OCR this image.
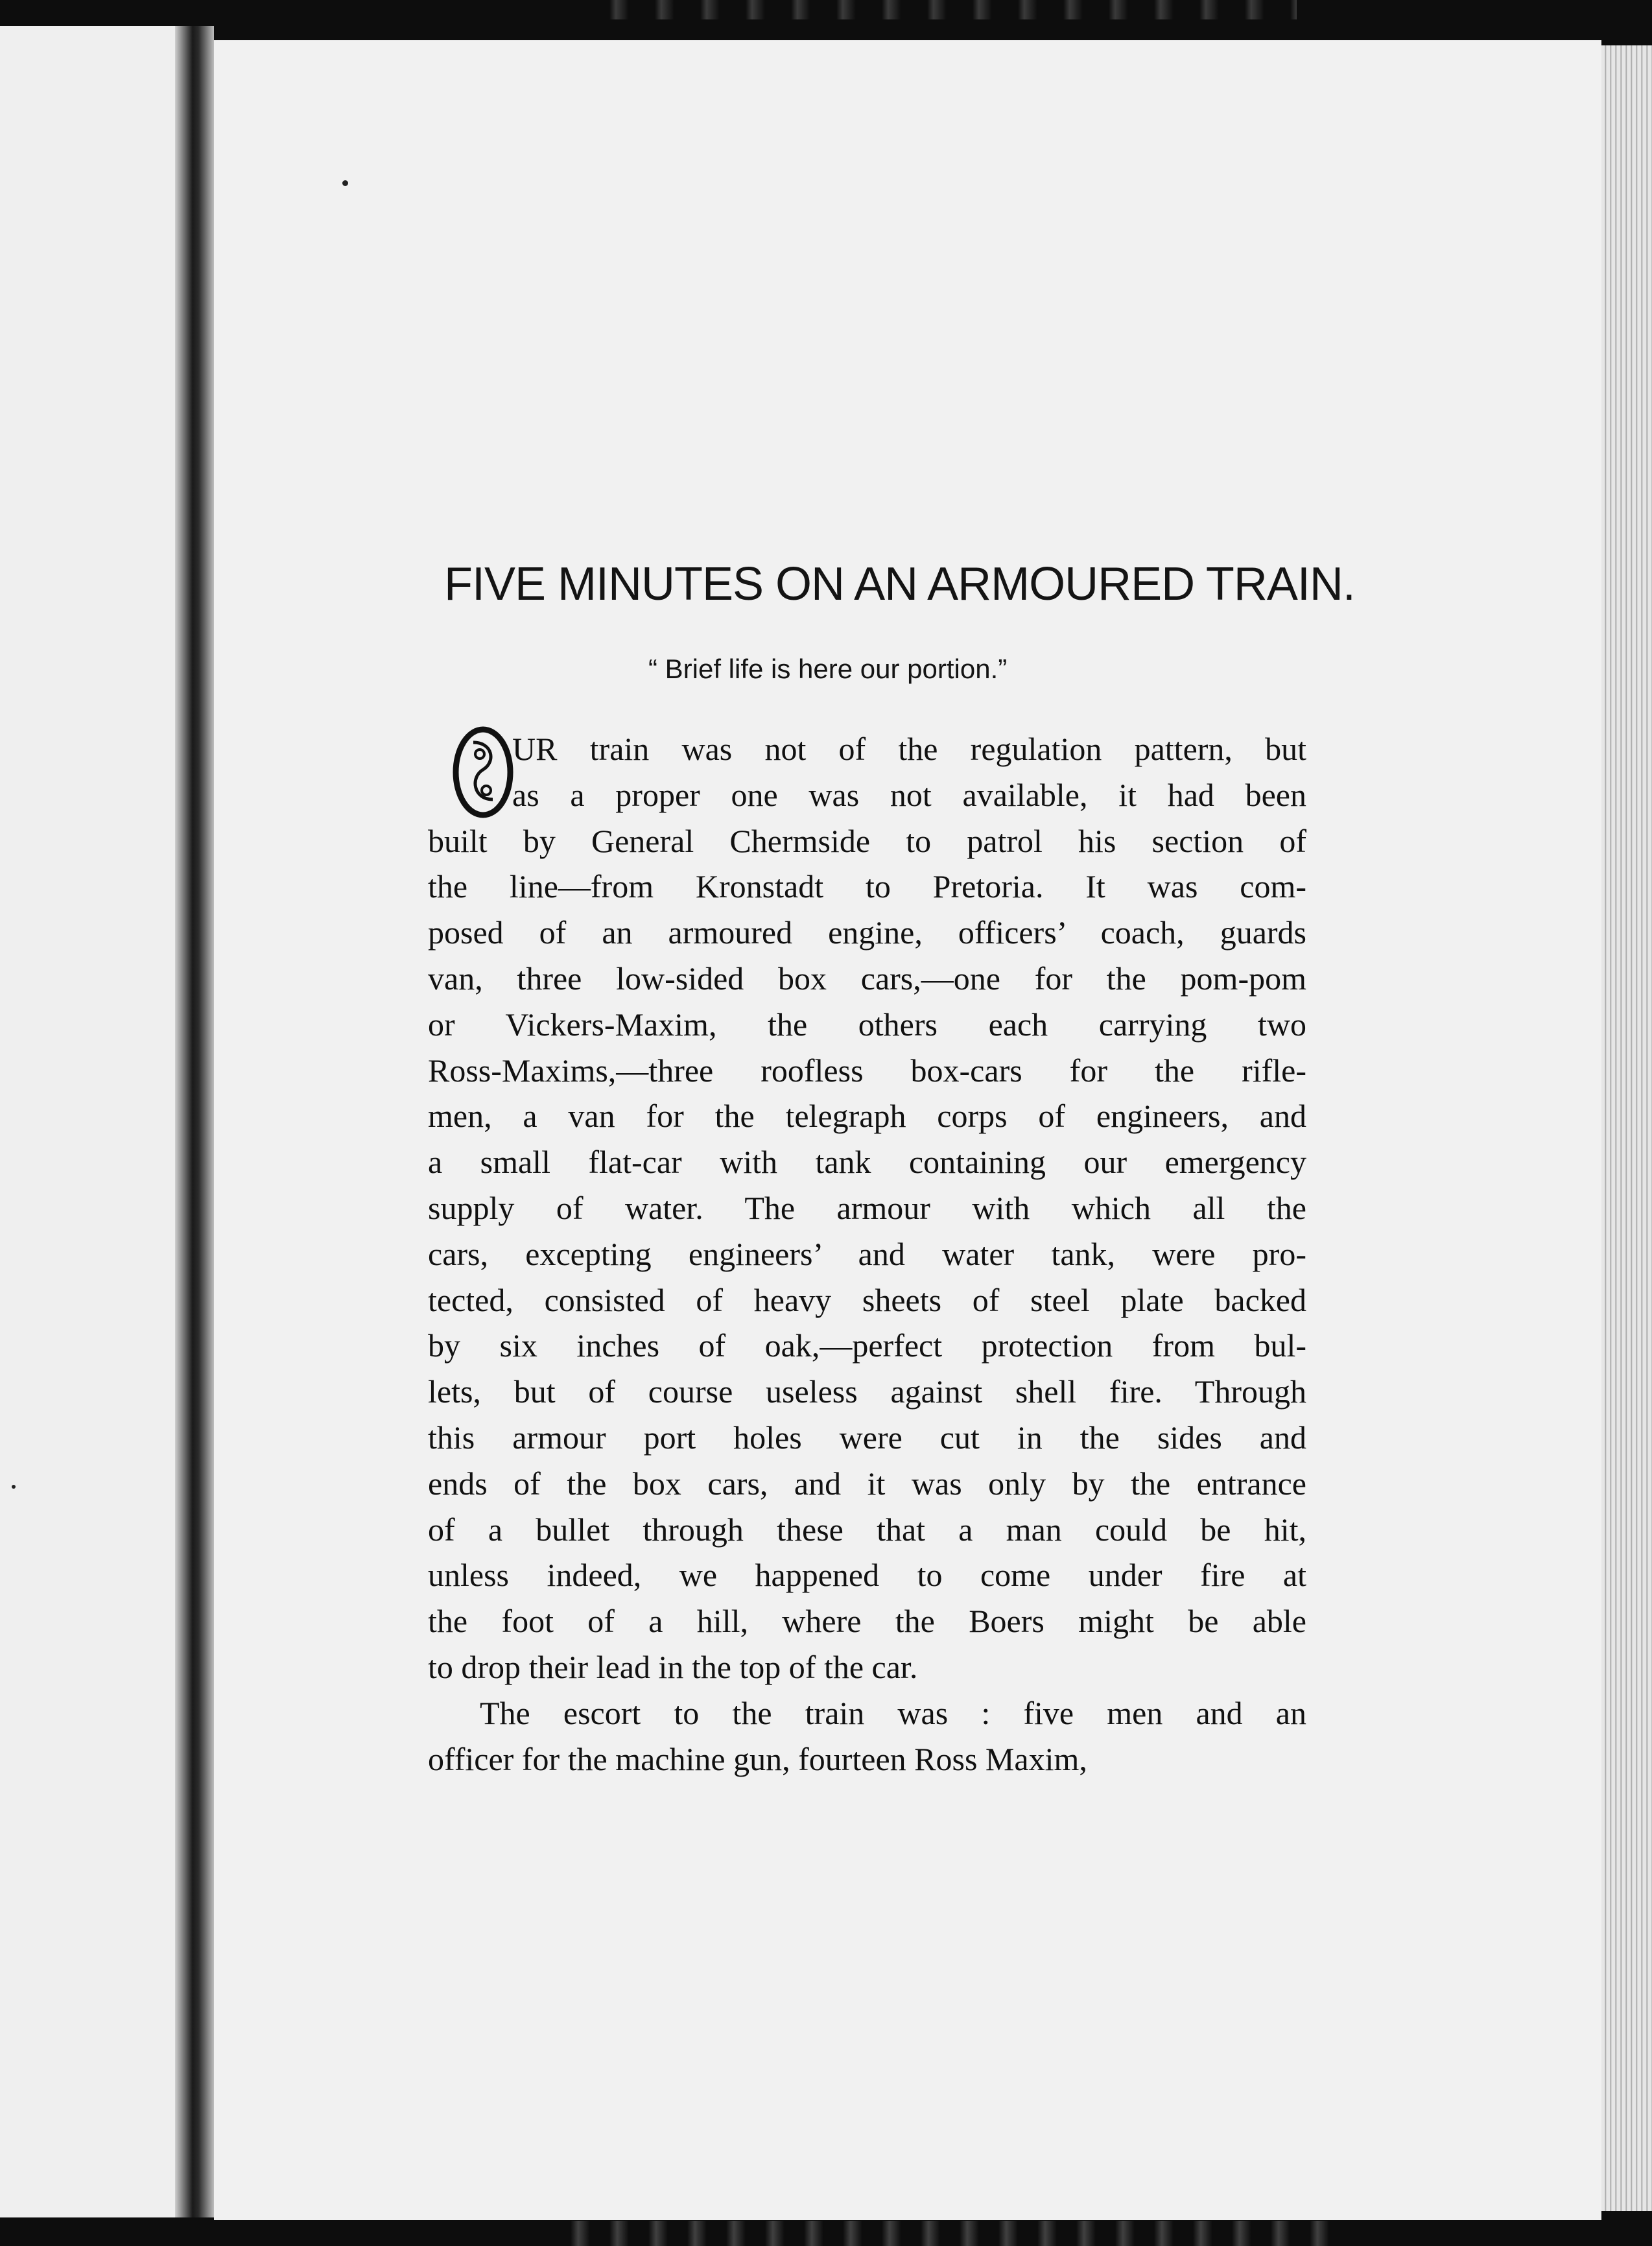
FIVE MINUTES ON AN ARMOURED TRAIN.
“ Brief life is here our portion.”
UR train was not of the regulation pattern, but
as a proper one was not available, it had been
built by General Chermside to patrol his section of
the line—from Kronstadt to Pretoria. It was com-
posed of an armoured engine, officers’ coach, guards
van, three low-sided box cars,—one for the pom-pom
or Vickers-Maxim, the others each carrying two
Ross-Maxims,—three roofless box-cars for the rifle-
men, a van for the telegraph corps of engineers, and
a small flat-car with tank containing our emergency
supply of water. The armour with which all the
cars, excepting engineers’ and water tank, were pro-
tected, consisted of heavy sheets of steel plate backed
by six inches of oak,—perfect protection from bul-
lets, but of course useless against shell fire. Through
this armour port holes were cut in the sides and
ends of the box cars, and it was only by the entrance
of a bullet through these that a man could be hit,
unless indeed, we happened to come under fire at
the foot of a hill, where the Boers might be able
to drop their lead in the top of the car.
The escort to the train was : five men and an
officer for the machine gun, fourteen Ross Maxim,
